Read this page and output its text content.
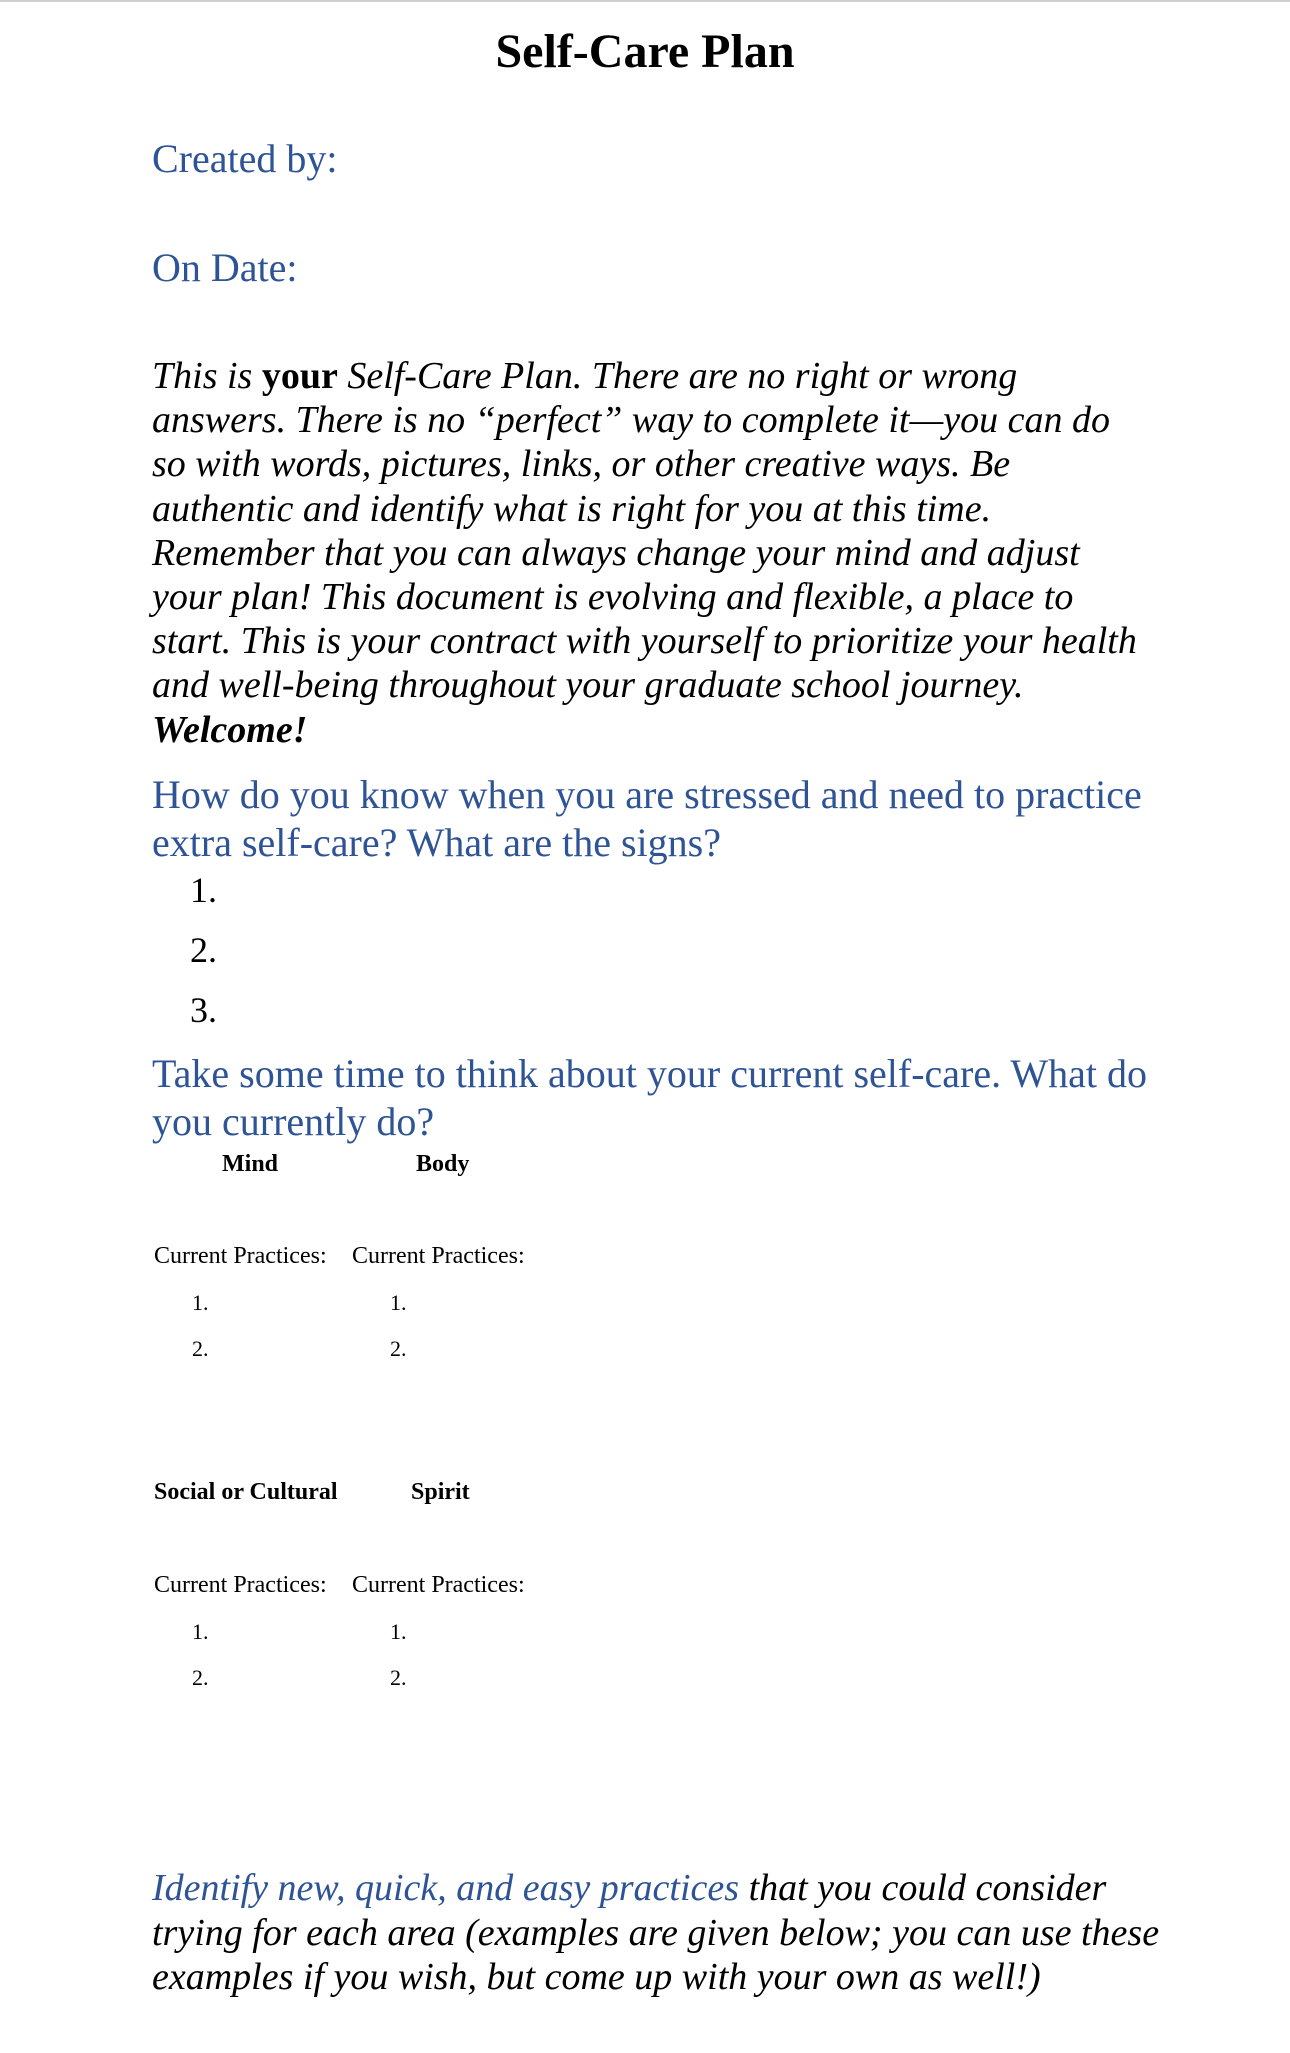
Self-Care Plan
Created by:
On Date:
This is your Self-Care Plan. There are no right or wrong answers. There is no “perfect” way to complete it—you can do so with words, pictures, links, or other creative ways. Be authentic and identify what is right for you at this time. Remember that you can always change your mind and adjust your plan! This document is evolving and flexible, a place to start. This is your contract with yourself to prioritize your health and well-being throughout your graduate school journey. Welcome!
How do you know when you are stressed and need to practice extra self-care? What are the signs?
1.
2.
3.
Take some time to think about your current self-care. What do you currently do?
Mind	Body
Current Practices: Current Practices:
1.
2.
1.
2.
Social or Cultural	Spirit
Current Practices: Current Practices:
1.
2.
1.
2.
Identify new, quick, and easy practices that you could consider trying for each area (examples are given below; you can use these examples if you wish, but come up with your own as well!)
